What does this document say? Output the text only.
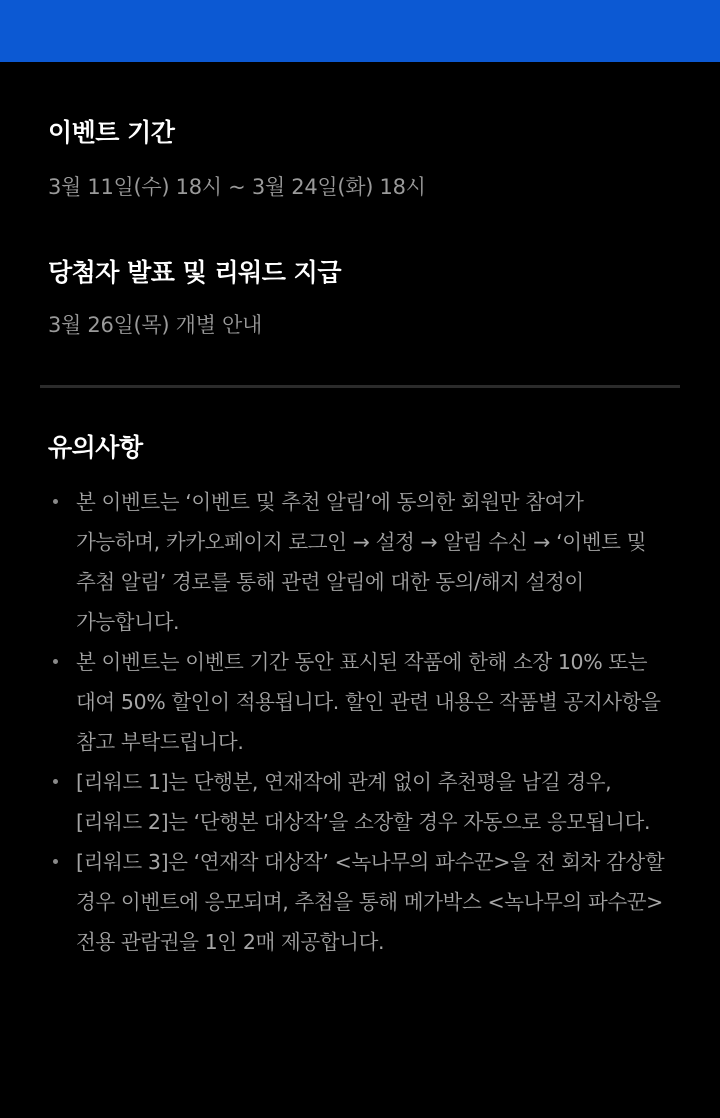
이벤트 기간

3월 11일(수) 18시 ~ 3월 24일(화) 18시

당첨자 발표 및 리워드 지급

3월 26일(목) 개별 안내

유의사항
본 이벤트는 ‘이벤트 및 추천 알림’에 동의한 회원만 참여가 가능하며, 카카오페이지 로그인 → 설정 → 알림 수신 → ‘이벤트 및 추첨 알림’ 경로를 통해 관련 알림에 대한 동의/해지 설정이 가능합니다.
본 이벤트는 이벤트 기간 동안 표시된 작품에 한해 소장 10% 또는 대여 50% 할인이 적용됩니다. 할인 관련 내용은 작품별 공지사항을 참고 부탁드립니다.
[리워드 1]는 단행본, 연재작에 관계 없이 추천평을 남길 경우, [리워드 2]는 ‘단행본 대상작’을 소장할 경우 자동으로 응모됩니다.
[리워드 3]은 ‘연재작 대상작’ <녹나무의 파수꾼>을 전 회차 감상할 경우 이벤트에 응모되며, 추첨을 통해 메가박스 <녹나무의 파수꾼> 전용 관람권을 1인 2매 제공합니다.
